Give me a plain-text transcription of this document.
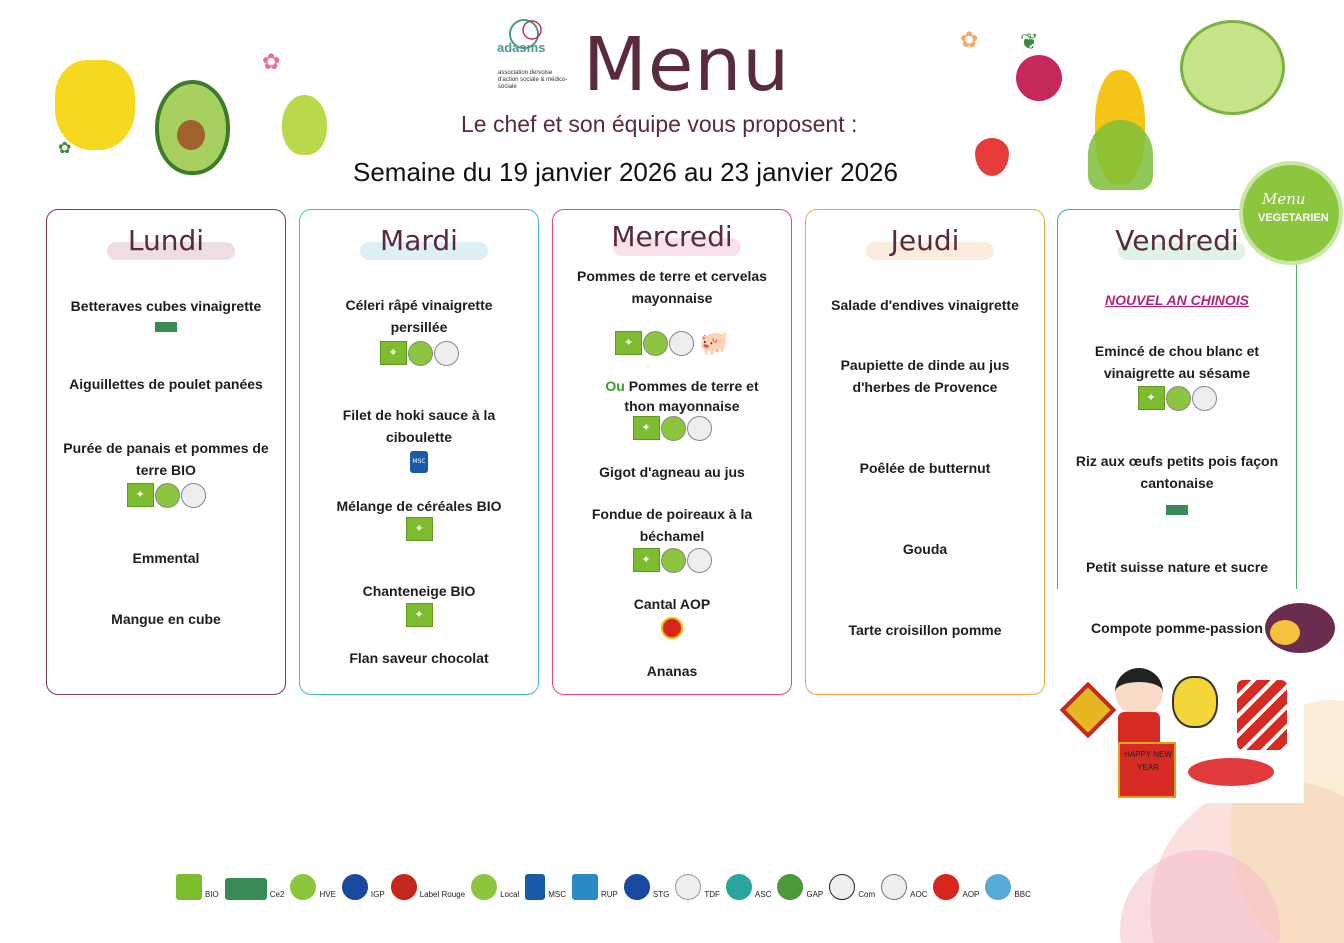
✿
✿
✿
❦
adasms
association dervoise d'action sociale & médico-sociale Menu
Le chef et son équipe vous proposent :
Semaine du 19 janvier 2026 au 23 janvier 2026
Lundi
Betteraves cubes vinaigrette
Aiguillettes de poulet panées
Purée de panais et pommes de terre BIO
✦
Emmental
Mangue en cube
Mardi
Céleri râpé vinaigrette persillée
✦
Filet de hoki sauce à la ciboulette
MSC
Mélange de céréales BIO
✦
Chanteneige BIO
✦
Flan saveur chocolat
Mercredi
Pommes de terre et cervelas mayonnaise
✦
🐖
Ou Pommes de terre et thon mayonnaise
✦
Gigot d'agneau au jus
Fondue de poireaux à la béchamel
✦
Cantal AOP
Ananas
Jeudi
Salade d'endives vinaigrette
Paupiette de dinde au jus d'herbes de Provence
Poêlée de butternut
Gouda
Tarte croisillon pomme
Vendredi
NOUVEL AN CHINOIS
Emincé de chou blanc et vinaigrette au sésame
✦
Riz aux œufs petits pois façon cantonaise
Petit suisse nature et sucre
Compote pomme-passion
Menu
VEGETARIEN
HAPPY NEW YEAR
BIO	Ce2	HVE	IGP	Label Rouge	Local	MSC	RUP	STG	TDF	ASC	GAP	Com	AOC	AOP	BBC
